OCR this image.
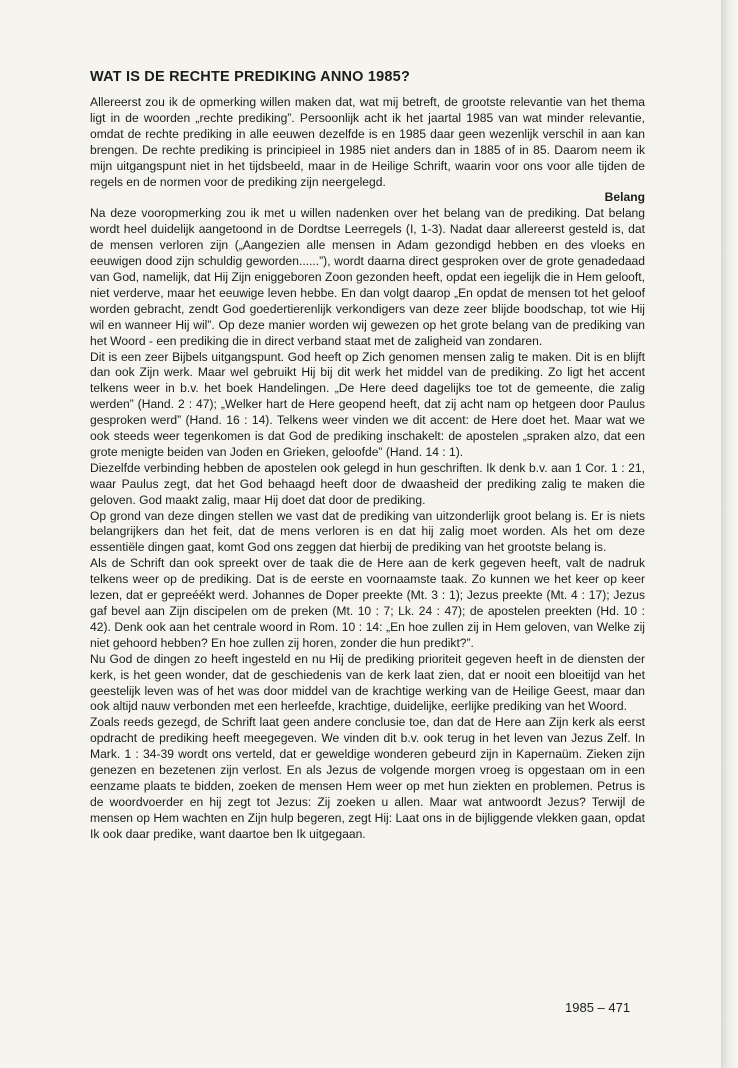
WAT IS DE RECHTE PREDIKING ANNO 1985?

Allereerst zou ik de opmerking willen maken dat, wat mij betreft, de grootste relevantie van het thema ligt in de woorden „rechte prediking”. Persoonlijk acht ik het jaartal 1985 van wat minder relevantie, omdat de rechte prediking in alle eeuwen dezelfde is en 1985 daar geen wezenlijk verschil in aan kan brengen. De rechte prediking is principieel in 1985 niet anders dan in 1885 of in 85. Daarom neem ik mijn uitgangspunt niet in het tijdsbeeld, maar in de Heilige Schrift, waarin voor ons voor alle tijden de regels en de normen voor de prediking zijn neergelegd.

Belang

Na deze vooropmerking zou ik met u willen nadenken over het belang van de prediking. Dat belang wordt heel duidelijk aangetoond in de Dordtse Leerregels (I, 1-3). Nadat daar allereerst gesteld is, dat de mensen verloren zijn („Aangezien alle mensen in Adam gezondigd hebben en des vloeks en eeuwigen dood zijn schuldig geworden......”), wordt daarna direct gesproken over de grote genadedaad van God, namelijk, dat Hij Zijn eniggeboren Zoon gezonden heeft, opdat een iegelijk die in Hem gelooft, niet verderve, maar het eeuwige leven hebbe. En dan volgt daarop „En opdat de mensen tot het geloof worden gebracht, zendt God goedertierenlijk verkondigers van deze zeer blijde boodschap, tot wie Hij wil en wanneer Hij wil”. Op deze manier worden wij gewezen op het grote belang van de prediking van het Woord - een prediking die in direct verband staat met de zaligheid van zondaren.

Dit is een zeer Bijbels uitgangspunt. God heeft op Zich genomen mensen zalig te maken. Dit is en blijft dan ook Zijn werk. Maar wel gebruikt Hij bij dit werk het middel van de prediking. Zo ligt het accent telkens weer in b.v. het boek Handelingen. „De Here deed dagelijks toe tot de gemeente, die zalig werden” (Hand. 2 : 47); „Welker hart de Here geopend heeft, dat zij acht nam op hetgeen door Paulus gesproken werd” (Hand. 16 : 14). Telkens weer vinden we dit accent: de Here doet het. Maar wat we ook steeds weer tegenkomen is dat God de prediking inschakelt: de apostelen „spraken alzo, dat een grote menigte beiden van Joden en Grieken, geloofde” (Hand. 14 : 1).

Diezelfde verbinding hebben de apostelen ook gelegd in hun geschriften. Ik denk b.v. aan 1 Cor. 1 : 21, waar Paulus zegt, dat het God behaagd heeft door de dwaasheid der prediking zalig te maken die geloven. God maakt zalig, maar Hij doet dat door de prediking.

Op grond van deze dingen stellen we vast dat de prediking van uitzonderlijk groot belang is. Er is niets belangrijkers dan het feit, dat de mens verloren is en dat hij zalig moet worden. Als het om deze essentiële dingen gaat, komt God ons zeggen dat hierbij de prediking van het grootste belang is.

Als de Schrift dan ook spreekt over de taak die de Here aan de kerk gegeven heeft, valt de nadruk telkens weer op de prediking. Dat is de eerste en voornaamste taak. Zo kunnen we het keer op keer lezen, dat er gepreéékt werd. Johannes de Doper preekte (Mt. 3 : 1); Jezus preekte (Mt. 4 : 17); Jezus gaf bevel aan Zijn discipelen om de preken (Mt. 10 : 7; Lk. 24 : 47); de apostelen preekten (Hd. 10 : 42). Denk ook aan het centrale woord in Rom. 10 : 14: „En hoe zullen zij in Hem geloven, van Welke zij niet gehoord hebben? En hoe zullen zij horen, zonder die hun predikt?”.

Nu God de dingen zo heeft ingesteld en nu Hij de prediking prioriteit gegeven heeft in de diensten der kerk, is het geen wonder, dat de geschiedenis van de kerk laat zien, dat er nooit een bloeitijd van het geestelijk leven was of het was door middel van de krachtige werking van de Heilige Geest, maar dan ook altijd nauw verbonden met een herleefde, krachtige, duidelijke, eerlijke prediking van het Woord.

Zoals reeds gezegd, de Schrift laat geen andere conclusie toe, dan dat de Here aan Zijn kerk als eerst opdracht de prediking heeft meegegeven. We vinden dit b.v. ook terug in het leven van Jezus Zelf. In Mark. 1 : 34-39 wordt ons verteld, dat er geweldige wonderen gebeurd zijn in Kapernaüm. Zieken zijn genezen en bezetenen zijn verlost. En als Jezus de volgende morgen vroeg is opgestaan om in een eenzame plaats te bidden, zoeken de mensen Hem weer op met hun ziekten en problemen. Petrus is de woordvoerder en hij zegt tot Jezus: Zij zoeken u allen. Maar wat antwoordt Jezus? Terwijl de mensen op Hem wachten en Zijn hulp begeren, zegt Hij: Laat ons in de bijliggende vlekken gaan, opdat Ik ook daar predike, want daartoe ben Ik uitgegaan.

1985 – 471
